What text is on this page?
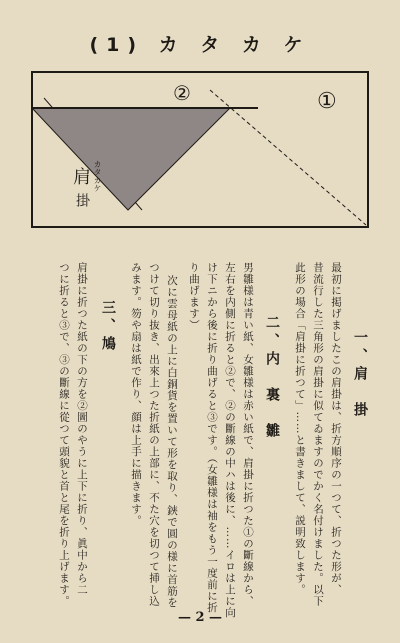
(1) カ タ カ ケ
②	①
肩 カタカケ
掛
一、肩　掛
最初に掲げましたこの肩掛は、折方順序の一つて、折つた形が、
昔流行した三角形の肩掛に似てゐますのでかく名付けました。以下
此形の場合「肩掛に折つて」……と書きまして、説明致します。
二、内　裏　雛
男雛様は青い紙、女雛様は赤い紙で、肩掛に折つた①の斷線から、
左右を内側に折ると②で、②の斷線の中ハは後に、……イロは上に向
け下ニから後に折り曲げると③です。（女雛様は袖をもう一度前に折
り曲げます）
次に雲母紙の上に白銅貨を置いて形を取り、鋏で圓の様に首筋を
つけて切り抜き、出來上つた折紙の上部に、不た穴を切つて挿し込
みます。笏や扇は紙で作り、顔は上手に描きます。
三、鳩
肩掛に折つた紙の下の方を②圖のやうに上下に折り、眞中から二
つに折ると③で、③の斷線に從つて頭貌と首と尾を折り上げます。
— 2 —
